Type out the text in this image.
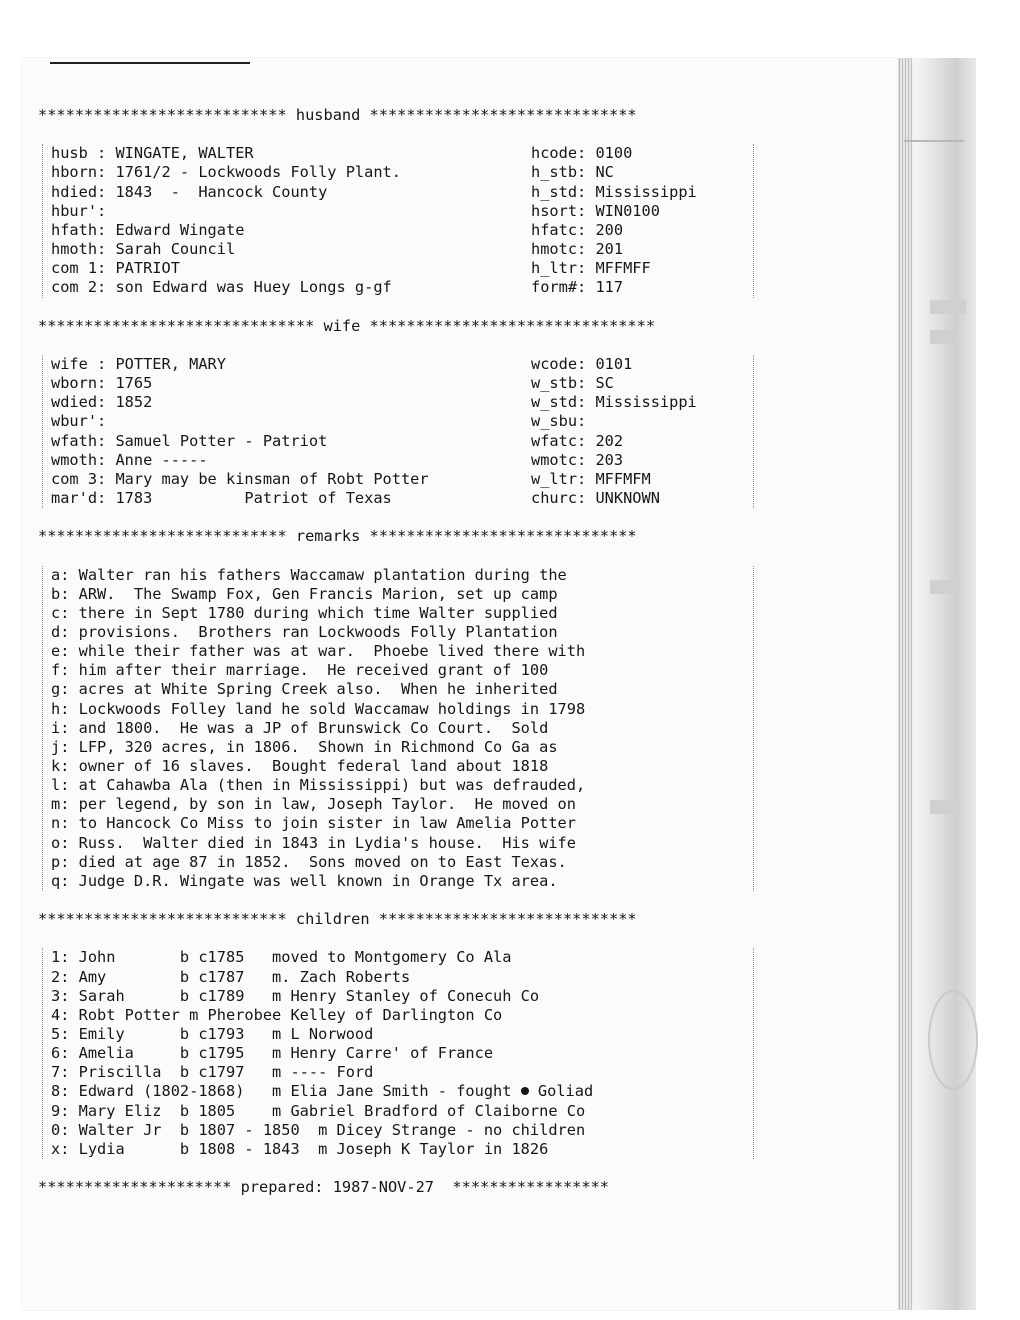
*************************** husband *****************************
husb : WINGATE, WALTER	hcode: 0100
hborn: 1761/2 - Lockwoods Folly Plant.	h_stb: NC
hdied: 1843  -  Hancock County	h_std: Mississippi
hbur':	hsort: WIN0100
hfath: Edward Wingate	hfatc: 200
hmoth: Sarah Council	hmotc: 201
com 1: PATRIOT	h_ltr: MFFMFF
com 2: son Edward was Huey Longs g-gf	form#: 117
****************************** wife *******************************
wife : POTTER, MARY	wcode: 0101
wborn: 1765	w_stb: SC
wdied: 1852	w_std: Mississippi
wbur':	w_sbu:
wfath: Samuel Potter - Patriot	wfatc: 202
wmoth: Anne -----	wmotc: 203
com 3: Mary may be kinsman of Robt Potter	w_ltr: MFFMFM
mar'd: 1783          Patriot of Texas	churc: UNKNOWN
*************************** remarks *****************************
a: Walter ran his fathers Waccamaw plantation during the
b: ARW.  The Swamp Fox, Gen Francis Marion, set up camp
c: there in Sept 1780 during which time Walter supplied
d: provisions.  Brothers ran Lockwoods Folly Plantation
e: while their father was at war.  Phoebe lived there with
f: him after their marriage.  He received grant of 100
g: acres at White Spring Creek also.  When he inherited
h: Lockwoods Folley land he sold Waccamaw holdings in 1798
i: and 1800.  He was a JP of Brunswick Co Court.  Sold
j: LFP, 320 acres, in 1806.  Shown in Richmond Co Ga as
k: owner of 16 slaves.  Bought federal land about 1818
l: at Cahawba Ala (then in Mississippi) but was defrauded,
m: per legend, by son in law, Joseph Taylor.  He moved on
n: to Hancock Co Miss to join sister in law Amelia Potter
o: Russ.  Walter died in 1843 in Lydia's house.  His wife
p: died at age 87 in 1852.  Sons moved on to East Texas.
q: Judge D.R. Wingate was well known in Orange Tx area.
*************************** children ****************************
1: John       b c1785   moved to Montgomery Co Ala
2: Amy        b c1787   m. Zach Roberts
3: Sarah      b c1789   m Henry Stanley of Conecuh Co
4: Robt Potter m Pherobee Kelley of Darlington Co
5: Emily      b c1793   m L Norwood
6: Amelia     b c1795   m Henry Carre' of France
7: Priscilla  b c1797   m ---- Ford
8: Edward (1802-1868)   m Elia Jane Smith - fought Goliad
9: Mary Eliz  b 1805    m Gabriel Bradford of Claiborne Co
0: Walter Jr  b 1807 - 1850  m Dicey Strange - no children
x: Lydia      b 1808 - 1843  m Joseph K Taylor in 1826
********************* prepared: 1987-NOV-27  *****************
